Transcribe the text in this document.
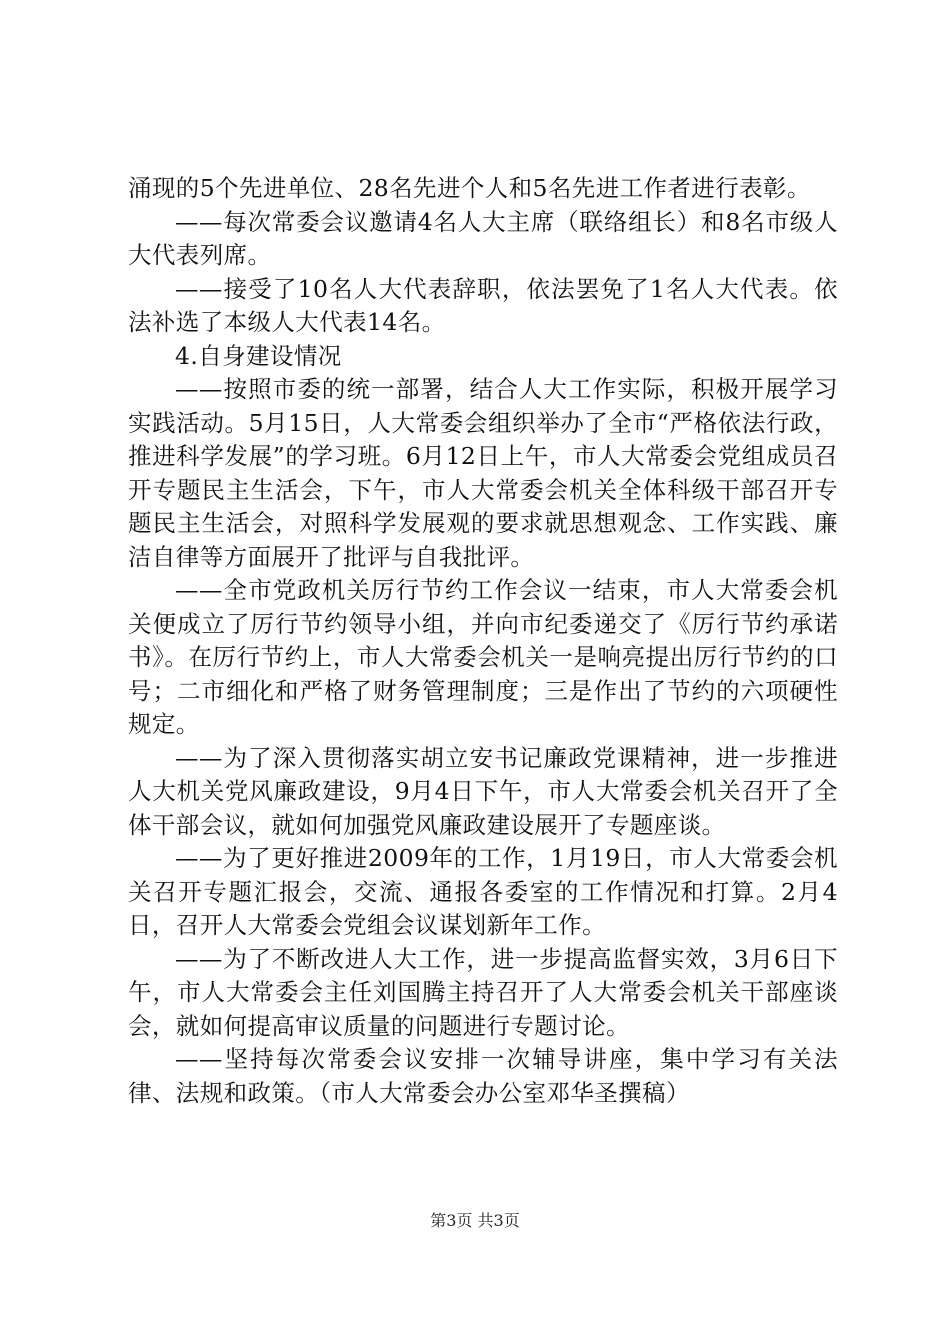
涌现的5个先进单位、28名先进个人和5名先进工作者进行表彰。

——每次常委会议邀请4名人大主席（联络组长）和8名市级人大代表列席。

——接受了10名人大代表辞职，依法罢免了1名人大代表。依法补选了本级人大代表14名。

4.自身建设情况

——按照市委的统一部署，结合人大工作实际，积极开展学习实践活动。5月15日，人大常委会组织举办了全市“严格依法行政，推进科学发展”的学习班。6月12日上午，市人大常委会党组成员召开专题民主生活会，下午，市人大常委会机关全体科级干部召开专题民主生活会，对照科学发展观的要求就思想观念、工作实践、廉洁自律等方面展开了批评与自我批评。

——全市党政机关厉行节约工作会议一结束，市人大常委会机关便成立了厉行节约领导小组，并向市纪委递交了《厉行节约承诺书》。在厉行节约上，市人大常委会机关一是响亮提出厉行节约的口号；二市细化和严格了财务管理制度；三是作出了节约的六项硬性规定。

——为了深入贯彻落实胡立安书记廉政党课精神，进一步推进人大机关党风廉政建设，9月4日下午，市人大常委会机关召开了全体干部会议，就如何加强党风廉政建设展开了专题座谈。

——为了更好推进2009年的工作，1月19日，市人大常委会机关召开专题汇报会，交流、通报各委室的工作情况和打算。2月4日，召开人大常委会党组会议谋划新年工作。

——为了不断改进人大工作，进一步提高监督实效，3月6日下午，市人大常委会主任刘国腾主持召开了人大常委会机关干部座谈会，就如何提高审议质量的问题进行专题讨论。

——坚持每次常委会议安排一次辅导讲座，集中学习有关法律、法规和政策。（市人大常委会办公室邓华圣撰稿）

第3页 共3页
